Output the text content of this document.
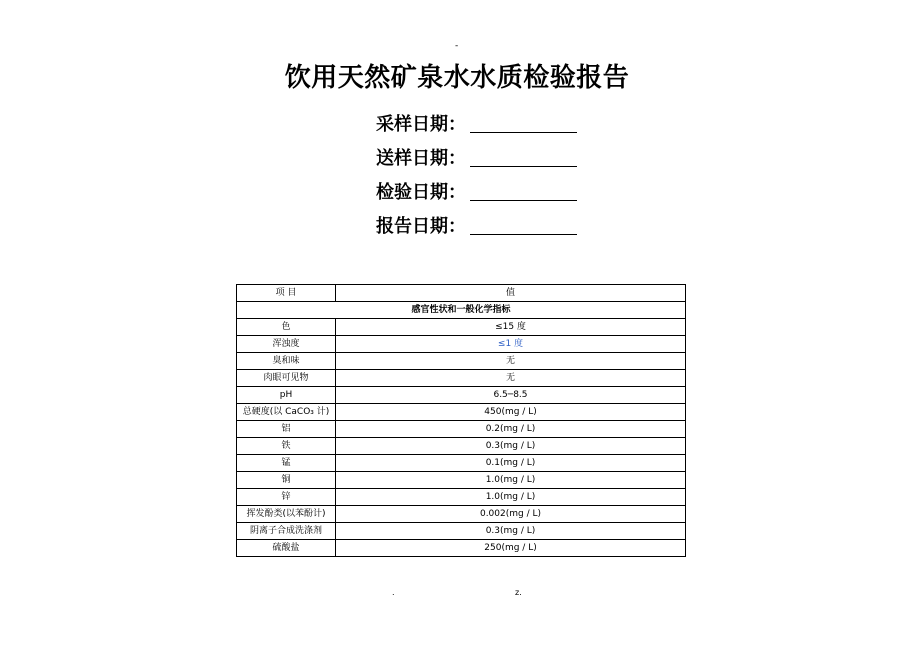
-
饮用天然矿泉水水质检验报告
采样日期：
送样日期：
检验日期：
报告日期：
项 目	值
感官性状和一般化学指标	
色	≤15 度
浑浊度	≤1 度
臭和味	无
肉眼可见物	无
pH	6.5─8.5
总硬度(以 CaCO₃ 计)	450(mg / L)
铝	0.2(mg / L)
铁	0.3(mg / L)
锰	0.1(mg / L)
铜	1.0(mg / L)
锌	1.0(mg / L)
挥发酚类(以苯酚计)	0.002(mg / L)
阴离子合成洗涤剂	0.3(mg / L)
硫酸盐	250(mg / L)
.	z.
